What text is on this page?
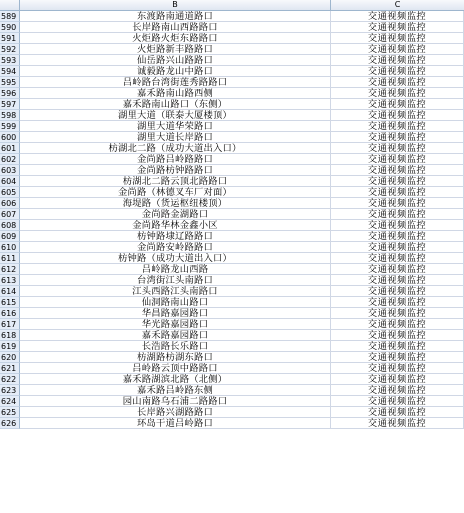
B	C
589	东渡路南通道路口	交通视频监控
590	长岸路南山西路路口	交通视频监控
591	火炬路火炬东路路口	交通视频监控
592	火炬路新丰路路口	交通视频监控
593	仙岳路兴山路路口	交通视频监控
594	诚毅路龙山中路口	交通视频监控
595	吕岭路台湾街莲秀路路口	交通视频监控
596	嘉禾路南山路西侧	交通视频监控
597	嘉禾路南山路口（东侧）	交通视频监控
598	湖里大道（联泰大厦楼顶）	交通视频监控
599	湖里大道华荣路口	交通视频监控
600	湖里大道长岸路口	交通视频监控
601	枋湖北二路（成功大道出入口）	交通视频监控
602	金尚路吕岭路路口	交通视频监控
603	金尚路枋钟路路口	交通视频监控
604	枋湖北二路云顶北路路口	交通视频监控
605	金尚路（林德叉车厂对面）	交通视频监控
606	海堤路（货运枢纽楼顶）	交通视频监控
607	金尚路金湖路口	交通视频监控
608	金尚路华林金鑫小区	交通视频监控
609	枋钟路埭辽路路口	交通视频监控
610	金尚路安岭路路口	交通视频监控
611	枋钟路（成功大道出入口）	交通视频监控
612	吕岭路龙山西路	交通视频监控
613	台湾街江头南路口	交通视频监控
614	江头西路江头南路口	交通视频监控
615	仙洞路南山路口	交通视频监控
616	华昌路嘉园路口	交通视频监控
617	华光路嘉园路口	交通视频监控
618	嘉禾路嘉园路口	交通视频监控
619	长浩路长乐路口	交通视频监控
620	枋湖路枋湖东路口	交通视频监控
621	吕岭路云顶中路路口	交通视频监控
622	嘉禾路湖滨北路（北侧）	交通视频监控
623	嘉禾路吕岭路东侧	交通视频监控
624	园山南路乌石浦二路路口	交通视频监控
625	长岸路兴湖路路口	交通视频监控
626	环岛干道吕岭路口	交通视频监控
